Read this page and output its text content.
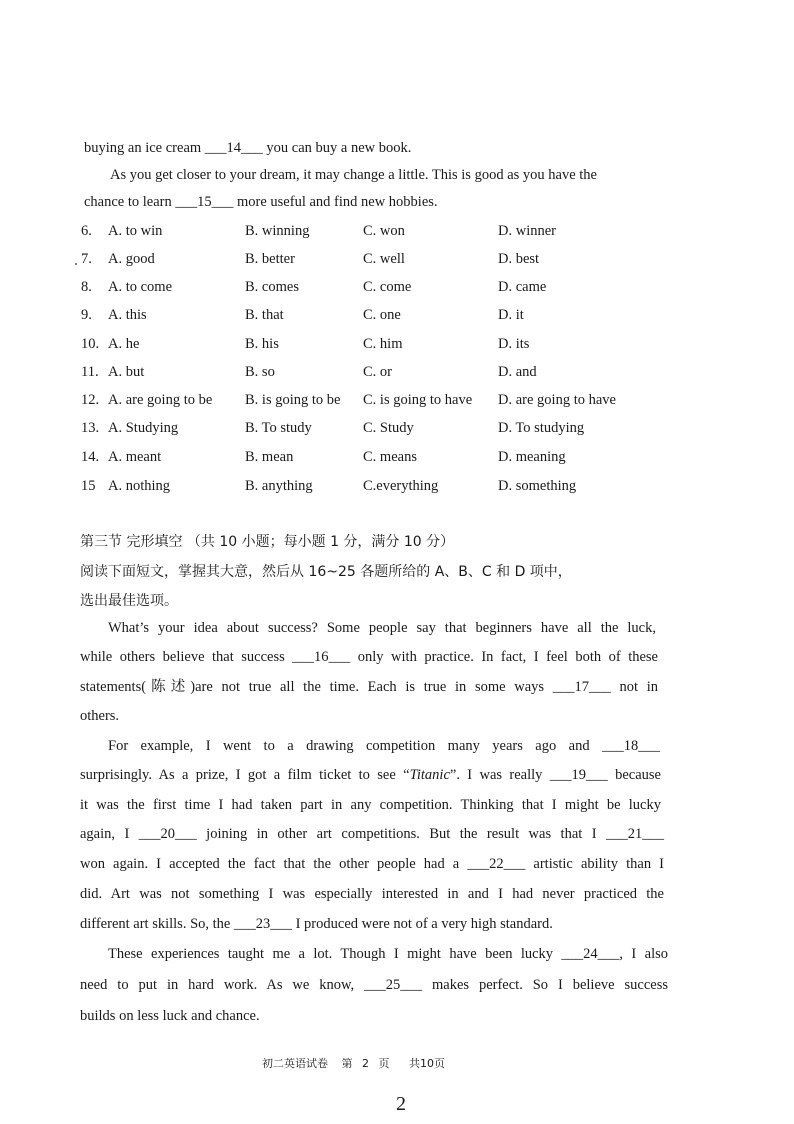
buying an ice cream ___14___ you can buy a new book.
As you get closer to your dream, it may change a little. This is good as you have the
chance to learn ___15___ more useful and find new hobbies.
6. A. to win	B. winning	C. won	D. winner
7. A. good	B. better	C. well	D. best
8. A. to come	B. comes	C. come	D. came
9. A. this	B. that	C. one	D. it
10. A. he	B. his	C. him	D. its
11. A. but	B. so	C. or	D. and
12. A. are going to be B. is going to be C. is going to have D. are going to have
13. A. Studying	B. To study	C. Study	D. To studying
14. A. meant	B. mean	C. means	D. meaning
15 A. nothing	B. anything	C.everything	D. something
第三节 完形填空 （共 10 小题；每小题 1 分，满分 10 分）
阅读下面短文，掌握其大意，然后从 16~25 各题所给的 A、B、C 和 D 项中，
选出最佳选项。
What’s your idea about success? Some people say that beginners have all the luck,
while others believe that success ___16___ only with practice. In fact, I feel both of these
statements(陈述)are not true all the time. Each is true in some ways ___17___ not in
others.
For example, I went to a drawing competition many years ago and ___18___
surprisingly. As a prize, I got a film ticket to see “Titanic”. I was really ___19___ because
it was the first time I had taken part in any competition. Thinking that I might be lucky
again, I ___20___ joining in other art competitions. But the result was that I ___21___
won again. I accepted the fact that the other people had a ___22___ artistic ability than I
did. Art was not something I was especially interested in and I had never practiced the
different art skills. So, the ___23___ I produced were not of a very high standard.
These experiences taught me a lot. Though I might have been lucky ___24___, I also
need to put in hard work. As we know, ___25___ makes perfect. So I believe success
builds on less luck and chance.
初二英语试卷 第 2 页 共10页
2
